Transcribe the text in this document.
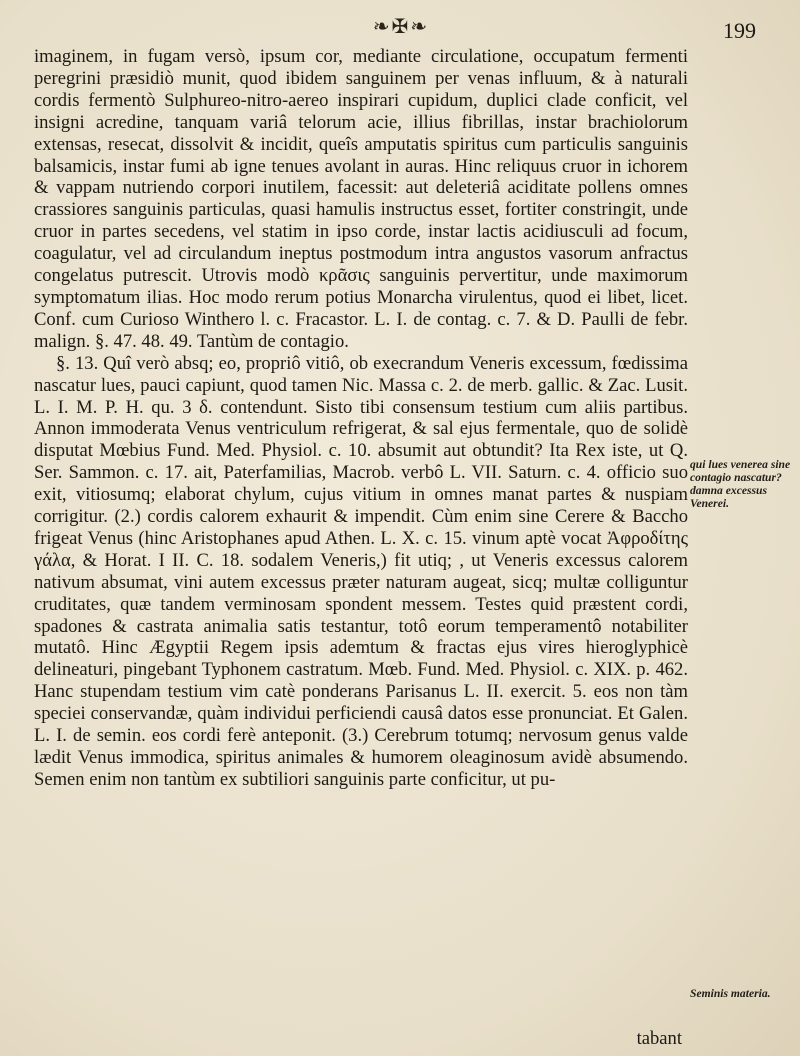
❧✠❧	199

imaginem, in fugam versò, ipsum cor, mediante circulatione, occupatum fermenti peregrini præsidiò munit, quod ibidem sanguinem per venas influum, & à naturali cordis fermentò Sulphureo-nitro-aereo inspirari cupidum, duplici clade conficit, vel insigni acredine, tanquam variâ telorum acie, illius fibrillas, instar brachiolorum extensas, resecat, dissolvit & incidit, queîs amputatis spiritus cum particulis sanguinis balsamicis, instar fumi ab igne tenues avolant in auras. Hinc reliquus cruor in ichorem & vappam nutriendo corpori inutilem, facessit: aut deleteriâ aciditate pollens omnes crassiores sanguinis particulas, quasi hamulis instructus esset, fortiter constringit, unde cruor in partes secedens, vel statim in ipso corde, instar lactis acidiusculi ad focum, coagulatur, vel ad circulandum ineptus postmodum intra angustos vasorum anfractus congelatus putrescit. Utrovis modò κρᾶσις sanguinis pervertitur, unde maximorum symptomatum ilias. Hoc modo rerum potius Monarcha virulentus, quod ei libet, licet. Conf. cum Curioso Winthero l. c. Fracastor. L. I. de contag. c. 7. & D. Paulli de febr. malign. §. 47. 48. 49. Tantùm de contagio.

§. 13. Quî verò absq; eo, propriô vitiô, ob execrandum Veneris excessum, fœdissima nascatur lues, pauci capiunt, quod tamen Nic. Massa c. 2. de merb. gallic. & Zac. Lusit. L. I. M. P. H. qu. 3 δ. contendunt. Sisto tibi consensum testium cum aliis partibus. Annon immoderata Venus ventriculum refrigerat, & sal ejus fermentale, quo de solidè disputat Mœbius Fund. Med. Physiol. c. 10. absumit aut obtundit? Ita Rex iste, ut Q. Ser. Sammon. c. 17. ait, Paterfamilias, Macrob. verbô L. VII. Saturn. c. 4. officio suo exit, vitiosumq; elaborat chylum, cujus vitium in omnes manat partes & nuspiam corrigitur. (2.) cordis calorem exhaurit & impendit. Cùm enim sine Cerere & Baccho frigeat Venus (hinc Aristophanes apud Athen. L. X. c. 15. vinum aptè vocat Ἀφροδίτης γάλα, & Horat. I II. C. 18. sodalem Veneris,) fit utiq; , ut Veneris excessus calorem nativum absumat, vini autem excessus præter naturam augeat, sicq; multæ colliguntur cruditates, quæ tandem verminosam spondent messem. Testes quid præstent cordi, spadones & castrata animalia satis testantur, totô eorum temperamentô notabiliter mutatô. Hinc Ægyptii Regem ipsis ademtum & fractas ejus vires hieroglyphicè delineaturi, pingebant Typhonem castratum. Mœb. Fund. Med. Physiol. c. XIX. p. 462. Hanc stupendam testium vim catè ponderans Parisanus L. II. exercit. 5. eos non tàm speciei conservandæ, quàm individui perficiendi causâ datos esse pronunciat. Et Galen. L. I. de semin. eos cordi ferè anteponit. (3.) Cerebrum totumq; nervosum genus valde lædit Venus immodica, spiritus animales & humorem oleaginosum avidè absumendo. Semen enim non tantùm ex subtiliori sanguinis parte conficitur, ut pu-

qui lues venerea sine contagio nascatur? damna excessus Venerei.
Seminis materia.
tabant
